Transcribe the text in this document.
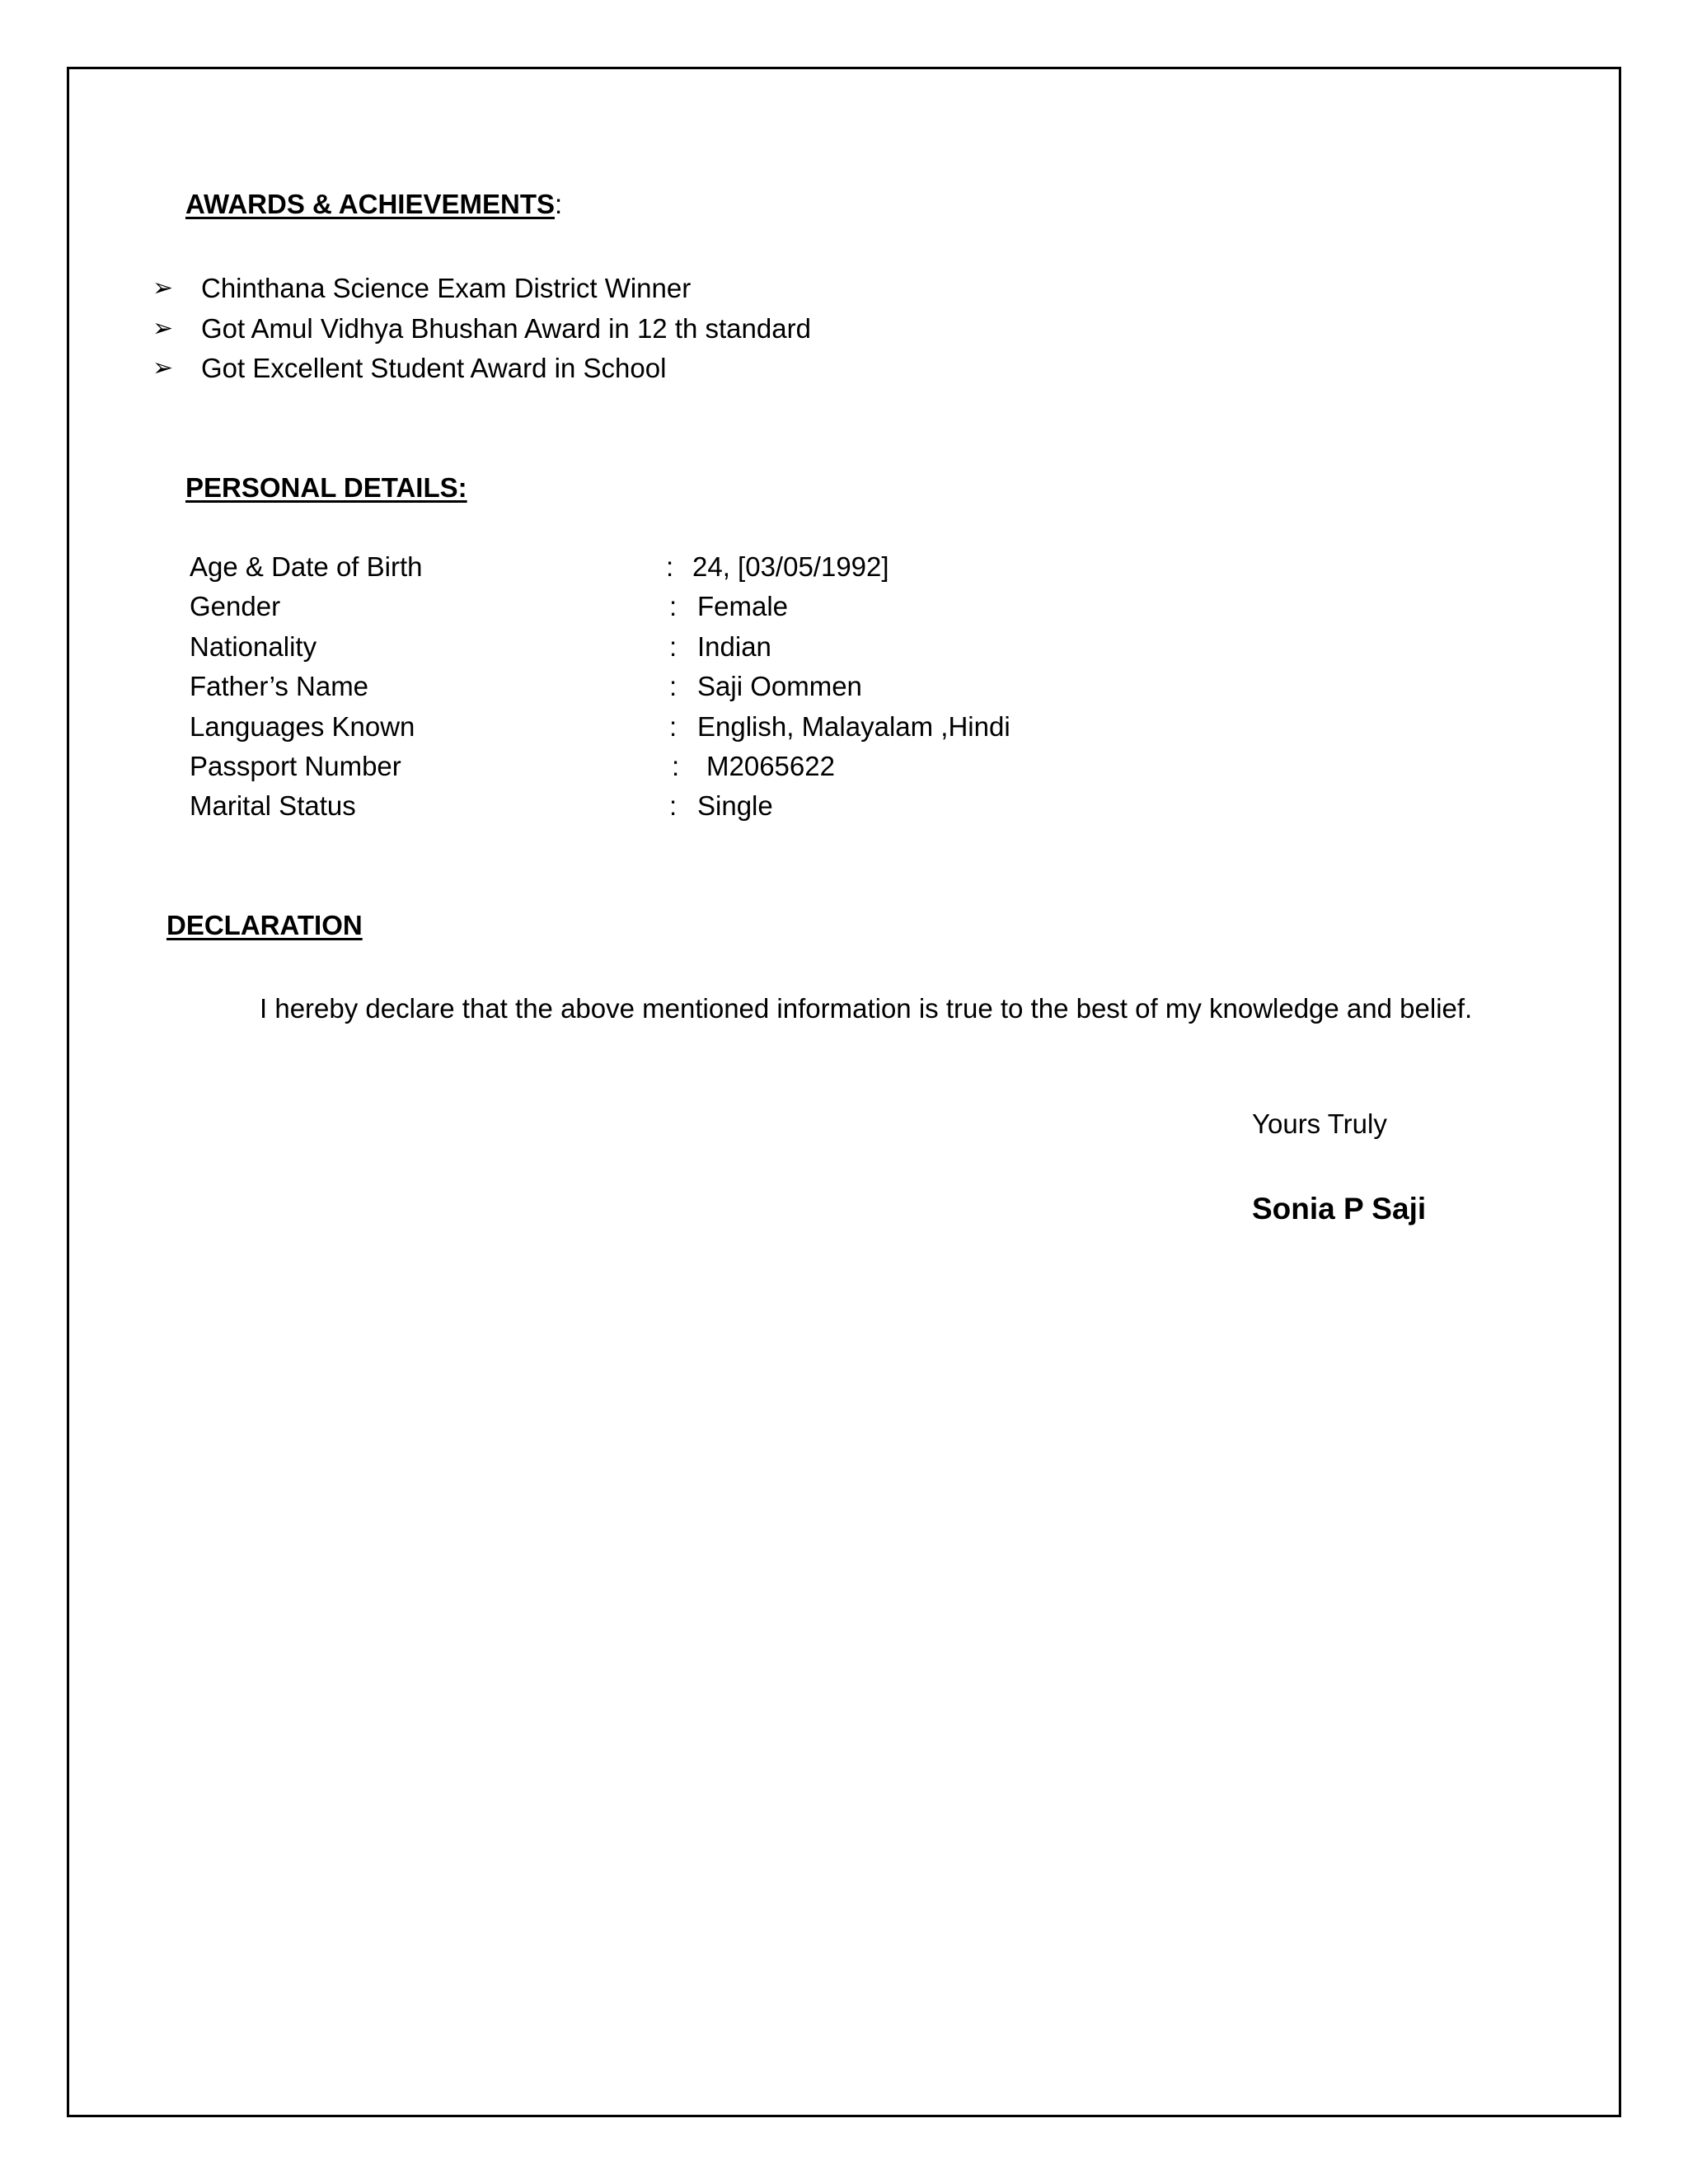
AWARDS & ACHIEVEMENTS:
➢ Chinthana Science Exam District Winner
➢ Got Amul Vidhya Bhushan Award in 12 th standard
➢ Got Excellent Student Award in School
PERSONAL DETAILS:
Age & Date of Birth	: 24, [03/05/1992]
Gender	: Female
Nationality	: Indian
Father’s Name	: Saji Oommen
Languages Known	: English, Malayalam ,Hindi
Passport Number	: M2065622
Marital Status	: Single
DECLARATION

I hereby declare that the above mentioned information is true to the best of my knowledge and belief.

Yours Truly
Sonia P Saji
